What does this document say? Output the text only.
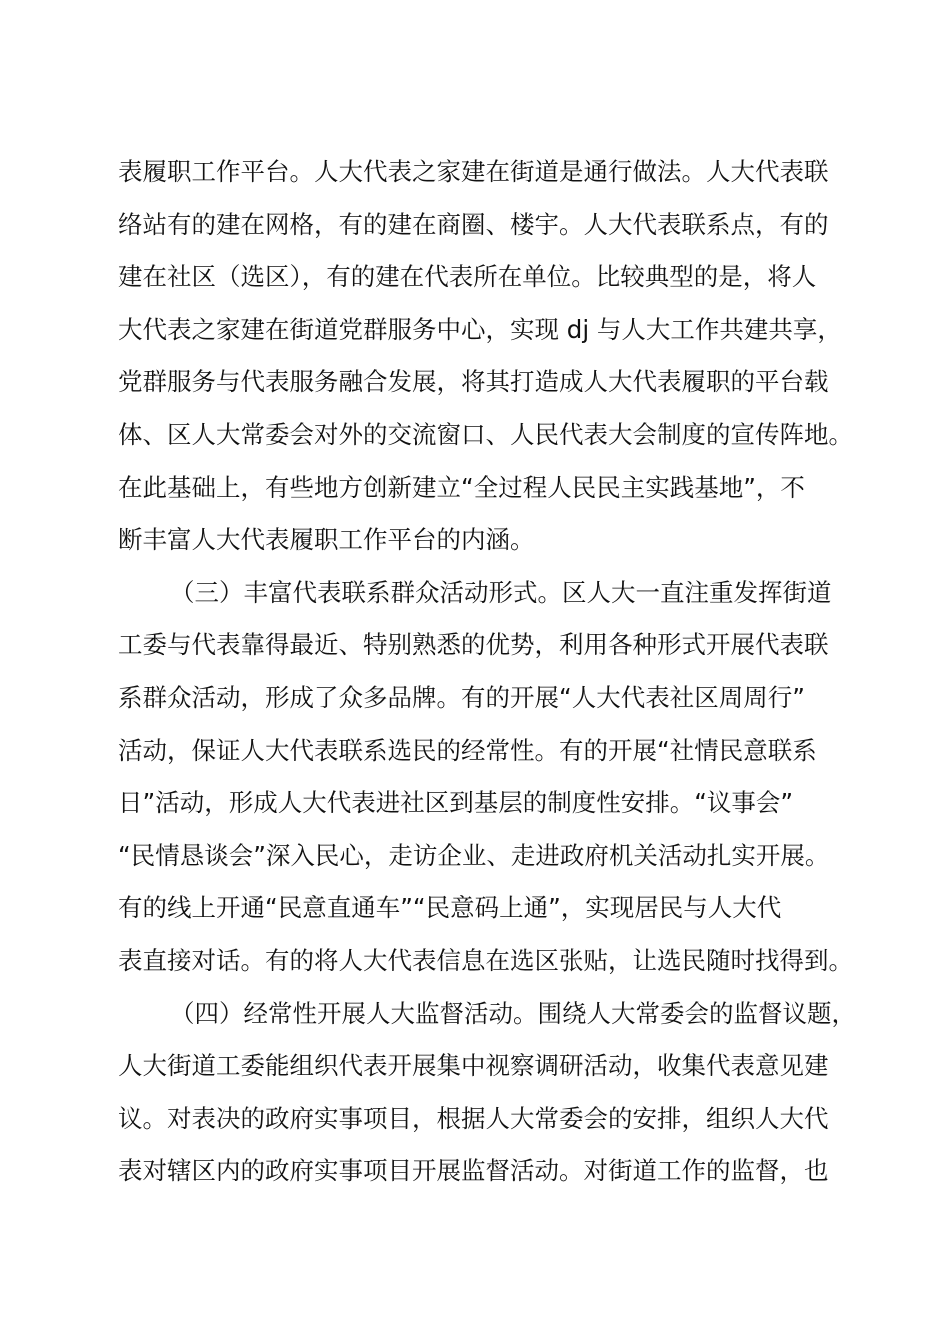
表履职工作平台。人大代表之家建在街道是通行做法。人大代表联
络站有的建在网格，有的建在商圈、楼宇。人大代表联系点，有的
建在社区（选区），有的建在代表所在单位。比较典型的是，将人
大代表之家建在街道党群服务中心，实现 dj 与人大工作共建共享，
党群服务与代表服务融合发展，将其打造成人大代表履职的平台载
体、区人大常委会对外的交流窗口、人民代表大会制度的宣传阵地。
在此基础上，有些地方创新建立“全过程人民民主实践基地”，不
断丰富人大代表履职工作平台的内涵。
（三）丰富代表联系群众活动形式。区人大一直注重发挥街道
工委与代表靠得最近、特别熟悉的优势，利用各种形式开展代表联
系群众活动，形成了众多品牌。有的开展“人大代表社区周周行”
活动，保证人大代表联系选民的经常性。有的开展“社情民意联系
日”活动，形成人大代表进社区到基层的制度性安排。“议事会”
“民情恳谈会”深入民心，走访企业、走进政府机关活动扎实开展。
有的线上开通“民意直通车”“民意码上通”，实现居民与人大代
表直接对话。有的将人大代表信息在选区张贴，让选民随时找得到。
（四）经常性开展人大监督活动。围绕人大常委会的监督议题，
人大街道工委能组织代表开展集中视察调研活动，收集代表意见建
议。对表决的政府实事项目，根据人大常委会的安排，组织人大代
表对辖区内的政府实事项目开展监督活动。对街道工作的监督，也
